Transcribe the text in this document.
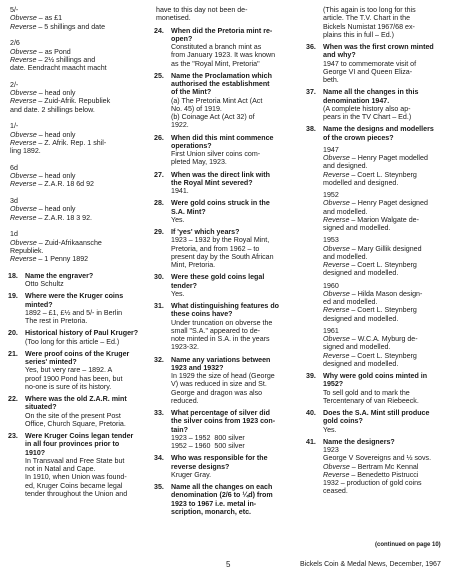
5/-
Obverse – as £1
Reverse – 5 shillings and date
2/6
Obverse – as Pond
Reverse – 2½ shillings and
date. Eendracht maacht macht
2/-
Obverse – head only
Reverse – Zuid-Afrik. Republiek
and date. 2 shillings below.
1/-
Obverse – head only
Reverse – Z. Afrik. Rep. 1 shil-
ling 1892.
6d
Obverse – head only
Reverse – Z.A.R. 18 6d 92
3d
Obverse – head only
Reverse – Z.A.R. 18 3 92.
1d
Obverse – Zuid-Afrikaansche
Republiek.
Reverse – 1 Penny 1892
18. Name the engraver?
Otto Schultz
19. Where were the Kruger coins
minted?
1892 – £1, £½ and 5/- in Berlin
The rest in Pretoria.
20. Historical history of Paul Kruger?
(Too long for this article – Ed.)
21. Were proof coins of the Kruger
series' minted?
Yes, but very rare – 1892. A
proof 1900 Pond has been, but
no-one is sure of its history.
22. Where was the old Z.A.R. mint
situated?
On the site of the present Post
Office, Church Square, Pretoria.
23. Were Kruger Coins legan tender
in all four provinces prior to
1910?
In Transvaal and Free State but
not in Natal and Cape.
In 1910, when Union was found-
ed, Kruger Coins became legal
tender throughout the Union and
have to this day not been de-
monetised.
24. When did the Pretoria mint re-
open?
Constituted a branch mint as
from January 1923. It was known
as the "Royal Mint, Pretoria"
25. Name the Proclamation which
authorised the establishment
of the Mint?
(a) The Pretoria Mint Act (Act
No. 45) of 1919.
(b) Coinage Act (Act 32) of
1922.
26. When did this mint commence
operations?
First Union silver coins com-
pleted May, 1923.
27. When was the direct link with
the Royal Mint severed?
1941.
28. Were gold coins struck in the
S.A. Mint?
Yes.
29. If 'yes' which years?
1923 – 1932 by the Royal Mint,
Pretoria, and from 1962 – to
present day by the South African
Mint, Pretoria.
30. Were these gold coins legal
tender?
Yes.
31. What distinguishing features do
these coins have?
Under truncation on obverse the
small "S.A." appeared to de-
note minted in S.A. in the years
1923-32.
32. Name any variations between
1923 and 1932?
In 1929 the size of head (George
V) was reduced in size and St.
George and dragon was also
reduced.
33. What percentage of silver did
the silver coins from 1923 con-
tain?
1923 – 1952  800 silver
1952 – 1960  500 silver
34. Who was responsible for the
reverse designs?
Kruger Gray.
35. Name all the changes on each
denomination (2/6 to ¼d) from
1923 to 1967 i.e. metal in-
scription, monarch, etc.
(This again is too long for this
article. The T.V. Chart in the
Bickels Numistat 1967/68 ex-
plains this in full – Ed.)
36. When was the first crown minted
and why?
1947 to commemorate visit of
George VI and Queen Eliza-
beth.
37. Name all the changes in this
denomination 1947.
(A complete history also ap-
pears in the TV Chart – Ed.)
38. Name the designs and modellers
of the crown pieces?
1947
Obverse – Henry Paget modelled
and designed.
Reverse – Coert L. Steynberg
modelled and designed.
1952
Obverse – Henry Paget designed
and modelled.
Reverse – Marion Walgate de-
signed and modelled.
1953
Obverse – Mary Gillik designed
and modelled.
Reverse – Coert L. Steynberg
designed and modelled.
1960
Obverse – Hilda Mason design-
ed and modelled.
Reverse – Coert L. Steynberg
designed and modelled.
1961
Obverse – W.C.A. Myburg de-
signed and modelled.
Reverse – Coert L. Steynberg
designed and modelled.
39. Why were gold coins minted in
1952?
To sell gold and to mark the
Tercentenary of van Riebeeck.
40. Does the S.A. Mint still produce
gold coins?
Yes.
41. Name the designers?
1923
George V Sovereigns and ½ sovs.
Obverse – Bertram Mc Kennal
Reverse – Benedetto Pistrucci
1932 – production of gold coins
ceased.
(continued on page 10)
5	Bickels Coin & Medal News, December, 1967
